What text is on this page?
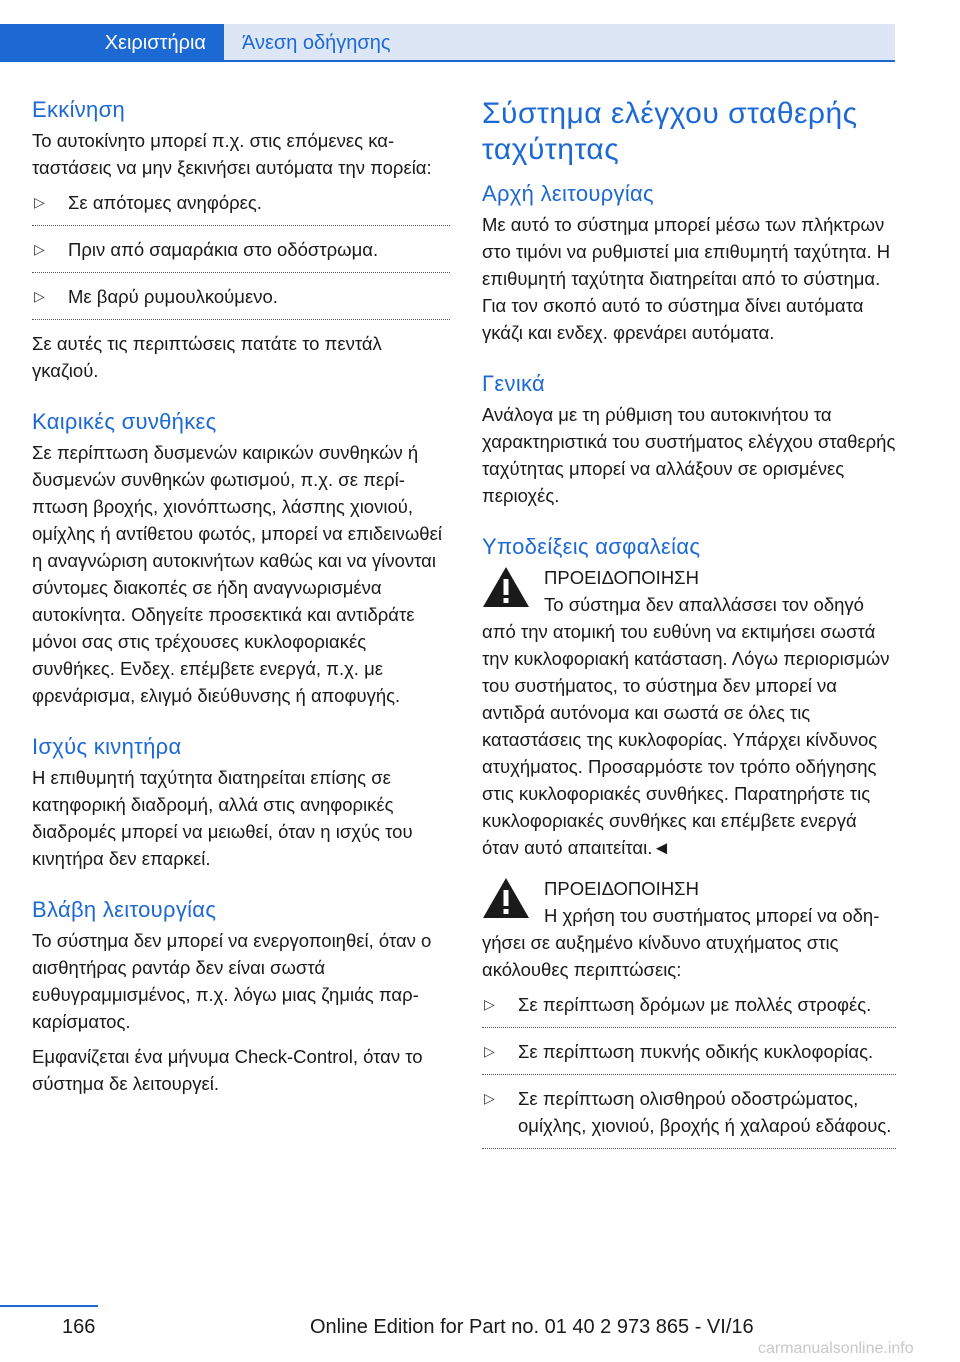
Χειριστήρια	Άνεση οδήγησης
Εκκίνηση

Το αυτοκίνητο μπορεί π.χ. στις επόμενες καταστάσεις να μην ξεκινήσει αυτόματα την πορεία:

▷ Σε απότομες ανηφόρες.
▷ Πριν από σαμαράκια στο οδόστρωμα.
▷ Με βαρύ ρυμουλκούμενο.

Σε αυτές τις περιπτώσεις πατάτε το πεντάλ γκαζιού.

Καιρικές συνθήκες

Σε περίπτωση δυσμενών καιρικών συνθηκών ή δυσμενών συνθηκών φωτισμού, π.χ. σε περίπτωση βροχής, χιονόπτωσης, λάσπης χιονιού, ομίχλης ή αντίθετου φωτός, μπορεί να επιδεινωθεί η αναγνώριση αυτοκινήτων καθώς και να γίνονται σύντομες διακοπές σε ήδη αναγνωρισμένα αυτοκίνητα. Οδηγείτε προσεκτικά και αντιδράτε μόνοι σας στις τρέχουσες κυκλοφοριακές συνθήκες. Ενδεχ. επέμβετε ενεργά, π.χ. με φρενάρισμα, ελιγμό διεύθυνσης ή αποφυγής.

Ισχύς κινητήρα

Η επιθυμητή ταχύτητα διατηρείται επίσης σε κατηφορική διαδρομή, αλλά στις ανηφορικές διαδρομές μπορεί να μειωθεί, όταν η ισχύς του κινητήρα δεν επαρκεί.

Βλάβη λειτουργίας

Το σύστημα δεν μπορεί να ενεργοποιηθεί, όταν ο αισθητήρας ραντάρ δεν είναι σωστά ευθυγραμμισμένος, π.χ. λόγω μιας ζημιάς παρκαρίσματος.

Εμφανίζεται ένα μήνυμα Check-Control, όταν το σύστημα δε λειτουργεί.

Σύστημα ελέγχου σταθερής ταχύτητας
Αρχή λειτουργίας

Με αυτό το σύστημα μπορεί μέσω των πλήκτρων στο τιμόνι να ρυθμιστεί μια επιθυμητή ταχύτητα. Η επιθυμητή ταχύτητα διατηρείται από το σύστημα. Για τον σκοπό αυτό το σύστημα δίνει αυτόματα γκάζι και ενδεχ. φρενάρει αυτόματα.

Γενικά

Ανάλογα με τη ρύθμιση του αυτοκινήτου τα χαρακτηριστικά του συστήματος ελέγχου σταθερής ταχύτητας μπορεί να αλλάξουν σε ορισμένες περιοχές.

Υποδείξεις ασφαλείας

ΠΡΟΕΙΔΟΠΟΙΗΣΗ

Το σύστημα δεν απαλλάσσει τον οδηγό από την ατομική του ευθύνη να εκτιμήσει σωστά την κυκλοφοριακή κατάσταση. Λόγω περιορισμών του συστήματος, το σύστημα δεν μπορεί να αντιδρά αυτόνομα και σωστά σε όλες τις καταστάσεις της κυκλοφορίας. Υπάρχει κίνδυνος ατυχήματος. Προσαρμόστε τον τρόπο οδήγησης στις κυκλοφοριακές συνθήκες. Παρατηρήστε τις κυκλοφοριακές συνθήκες και επέμβετε ενεργά όταν αυτό απαιτείται.◄

ΠΡΟΕΙΔΟΠΟΙΗΣΗ

Η χρήση του συστήματος μπορεί να οδηγήσει σε αυξημένο κίνδυνο ατυχήματος στις ακόλουθες περιπτώσεις:

▷ Σε περίπτωση δρόμων με πολλές στροφές.
▷ Σε περίπτωση πυκνής οδικής κυκλοφορίας.
▷ Σε περίπτωση ολισθηρού οδοστρώματος, ομίχλης, χιονιού, βροχής ή χαλαρού εδάφους.
166	Online Edition for Part no. 01 40 2 973 865 - VI/16
carmanualsonline.info
